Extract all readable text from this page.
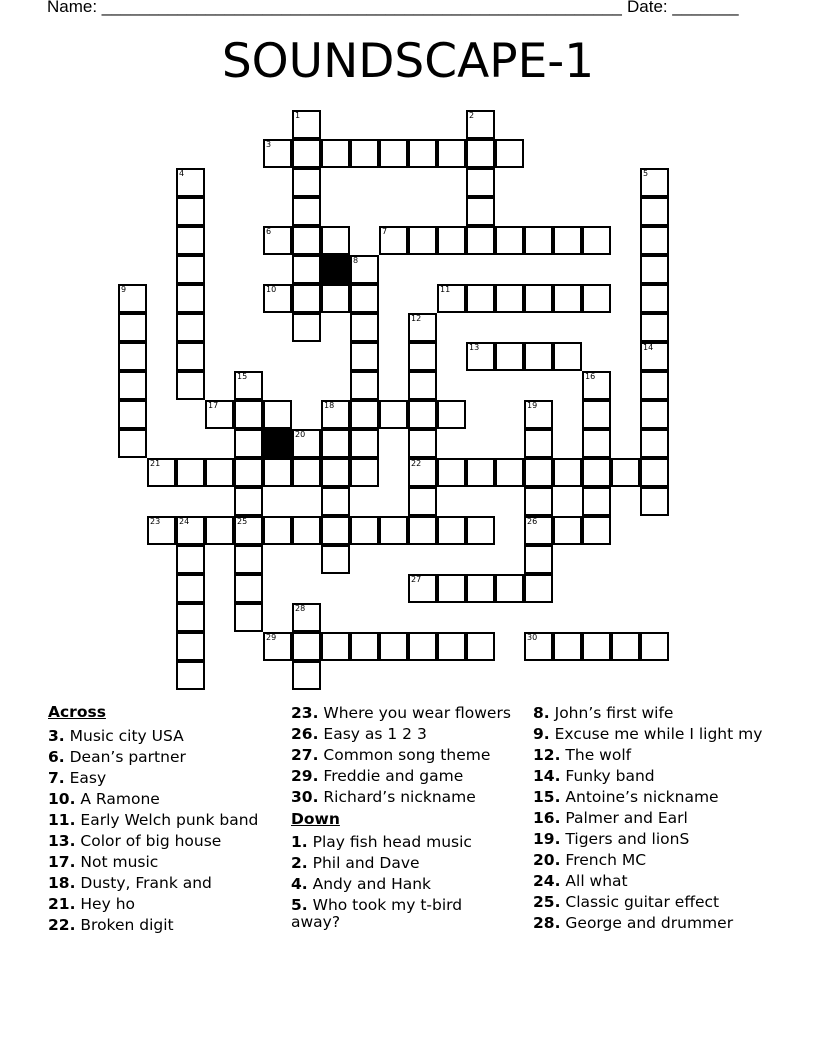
Name: _______________________________________________________ Date: _______
SOUNDSCAPE-1
3
6	7
10	11
13
17	18
21	22
23 24	25	26
27
29	30
1	2
4	5
8
9
12
14
15	16
19
28
20
Across
3. Music city USA
6. Dean’s partner
7. Easy
10. A Ramone
11. Early Welch punk band
13. Color of big house
17. Not music
18. Dusty, Frank and
21. Hey ho
22. Broken digit
23. Where you wear flowers
26. Easy as 1 2 3
27. Common song theme
29. Freddie and game
30. Richard’s nickname
Down
1. Play fish head music
2. Phil and Dave
4. Andy and Hank
5. Who took my t-bird away?
8. John’s first wife
9. Excuse me while I light my
12. The wolf
14. Funky band
15. Antoine’s nickname
16. Palmer and Earl
19. Tigers and lionS
20. French MC
24. All what
25. Classic guitar effect
28. George and drummer
